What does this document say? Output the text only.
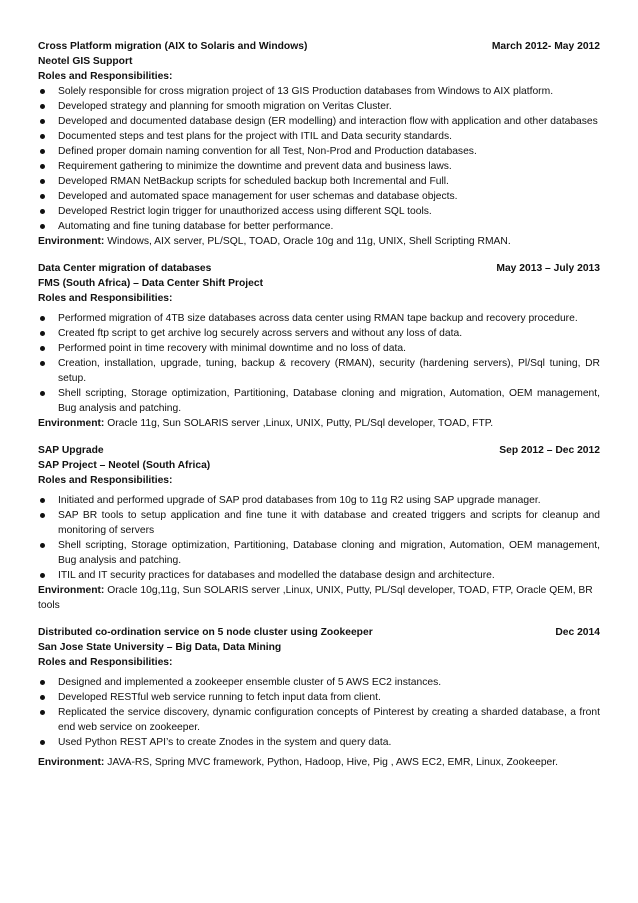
Cross Platform migration (AIX to Solaris and Windows)	March 2012- May 2012
Neotel GIS Support
Roles and Responsibilities:
Solely responsible for cross migration project of 13 GIS Production databases from Windows to AIX platform.
Developed strategy and planning for smooth migration on Veritas Cluster.
Developed and documented database design (ER modelling) and interaction flow with application and other databases
Documented steps and test plans for the project with ITIL and Data security standards.
Defined proper domain naming convention for all Test, Non-Prod and Production databases.
Requirement gathering to minimize the downtime and prevent data and business laws.
Developed RMAN NetBackup scripts for scheduled backup both Incremental and Full.
Developed and automated space management for user schemas and database objects.
Developed Restrict login trigger for unauthorized access using different SQL tools.
Automating and fine tuning database for better performance.
Environment: Windows, AIX server, PL/SQL, TOAD, Oracle 10g and 11g, UNIX, Shell Scripting RMAN.
Data Center migration of databases	May 2013 – July 2013
FMS (South Africa) – Data Center Shift Project
Roles and Responsibilities:
Performed migration of 4TB size databases across data center using RMAN tape backup and recovery procedure.
Created ftp script to get archive log securely across servers and without any loss of data.
Performed point in time recovery with minimal downtime and no loss of data.
Creation, installation, upgrade, tuning, backup & recovery (RMAN), security (hardening servers), Pl/Sql tuning, DR setup.
Shell scripting, Storage optimization, Partitioning, Database cloning and migration, Automation, OEM management, Bug analysis and patching.
Environment: Oracle 11g, Sun SOLARIS server ,Linux, UNIX, Putty, PL/Sql developer, TOAD, FTP.
SAP Upgrade	Sep 2012 – Dec 2012
SAP Project – Neotel (South Africa)
Roles and Responsibilities:
Initiated and performed upgrade of SAP prod databases from 10g to 11g R2 using SAP upgrade manager.
SAP BR tools to setup application and fine tune it with database and created triggers and scripts for cleanup and monitoring of servers
Shell scripting, Storage optimization, Partitioning, Database cloning and migration, Automation, OEM management, Bug analysis and patching.
ITIL and IT security practices for databases and modelled the database design and architecture.
Environment: Oracle 10g,11g, Sun SOLARIS server ,Linux, UNIX, Putty, PL/Sql developer, TOAD, FTP, Oracle QEM, BR tools
Distributed co-ordination service on 5 node cluster using Zookeeper	Dec 2014
San Jose State University – Big Data, Data Mining
Roles and Responsibilities:
Designed and implemented a zookeeper ensemble cluster of 5 AWS EC2 instances.
Developed RESTful web service running to fetch input data from client.
Replicated the service discovery, dynamic configuration concepts of Pinterest by creating a sharded database, a front end web service on zookeeper.
Used Python REST API’s to create Znodes in the system and query data.
Environment: JAVA-RS, Spring MVC framework, Python, Hadoop, Hive, Pig , AWS EC2, EMR, Linux, Zookeeper.
